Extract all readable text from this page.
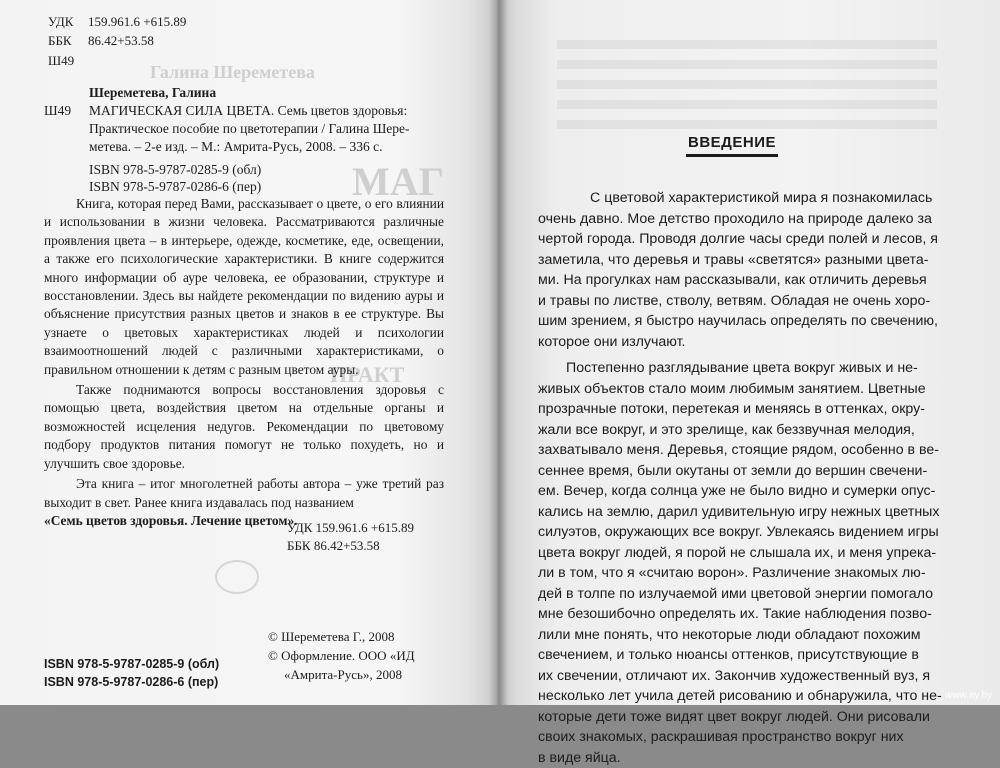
Галина Шереметева
МАГ
ПРАКТ
УДК 159.961.6 +615.89
ББК 86.42+53.58
Ш49
Шереметева, Галина
Ш49 МАГИЧЕСКАЯ СИЛА ЦВЕТА. Семь цветов здоровья:
Практическое пособие по цветотерапии / Галина Шере-
метева. – 2-е изд. – М.: Амрита-Русь, 2008. – 336 с.
ISBN 978-5-9787-0285-9 (обл)
ISBN 978-5-9787-0286-6 (пер)

Книга, которая перед Вами, рассказывает о цвете, о его влиянии и использовании в жизни человека. Рассматриваются различные проявления цвета – в интерьере, одежде, косметике, еде, освещении, а также его психологические характеристики. В книге содержится много информации об ауре человека, ее образовании, структуре и восстановлении. Здесь вы найдете рекомендации по видению ауры и объяснение присутствия разных цветов и знаков в ее структуре. Вы узнаете о цветовых характеристиках людей и психологии взаимоотношений людей с различными характеристиками, о правильном отношении к детям с разным цветом ауры.

Также поднимаются вопросы восстановления здоровья с помощью цвета, воздействия цветом на отдельные органы и возможностей исцеления недугов. Рекомендации по цветовому подбору продуктов питания помогут не только похудеть, но и улучшить свое здоровье.

Эта книга – итог многолетней работы автора – уже третий раз выходит в свет. Ранее книга издавалась под названием

«Семь цветов здоровья. Лечение цветом».

УДК 159.961.6 +615.89
ББК 86.42+53.58
ISBN 978-5-9787-0285-9 (обл)
ISBN 978-5-9787-0286-6 (пер)
© Шереметева Г., 2008
© Оформление. ООО «ИД
«Амрита-Русь», 2008
ВВЕДЕНИЕ
С цветовой характеристикой мира я познакомилась
очень давно. Мое детство проходило на природе далеко за
чертой города. Проводя долгие часы среди полей и лесов, я
заметила, что деревья и травы «светятся» разными цвета-
ми. На прогулках нам рассказывали, как отличить деревья
и травы по листве, стволу, ветвям. Обладая не очень хоро-
шим зрением, я быстро научилась определять по свечению,
которое они излучают.
Постепенно разглядывание цвета вокруг живых и не-
живых объектов стало моим любимым занятием. Цветные
прозрачные потоки, перетекая и меняясь в оттенках, окру-
жали все вокруг, и это зрелище, как беззвучная мелодия,
захватывало меня. Деревья, стоящие рядом, особенно в ве-
сеннее время, были окутаны от земли до вершин свечени-
ем. Вечер, когда солнца уже не было видно и сумерки опус-
кались на землю, дарил удивительную игру нежных цветных
силуэтов, окружающих все вокруг. Увлекаясь видением игры
цвета вокруг людей, я порой не слышала их, и меня упрека-
ли в том, что я «считаю ворон». Различение знакомых лю-
дей в толпе по излучаемой ими цветовой энергии помогало
мне безошибочно определять их. Такие наблюдения позво-
лили мне понять, что некоторые люди обладают похожим
свечением, и только нюансы оттенков, присутствующие в
их свечении, отличают их. Закончив художественный вуз, я
несколько лет учила детей рисованию и обнаружила, что не-
которые дети тоже видят цвет вокруг людей. Они рисовали
своих знакомых, раскрашивая пространство вокруг них
в виде яйца.
www.ay.by
